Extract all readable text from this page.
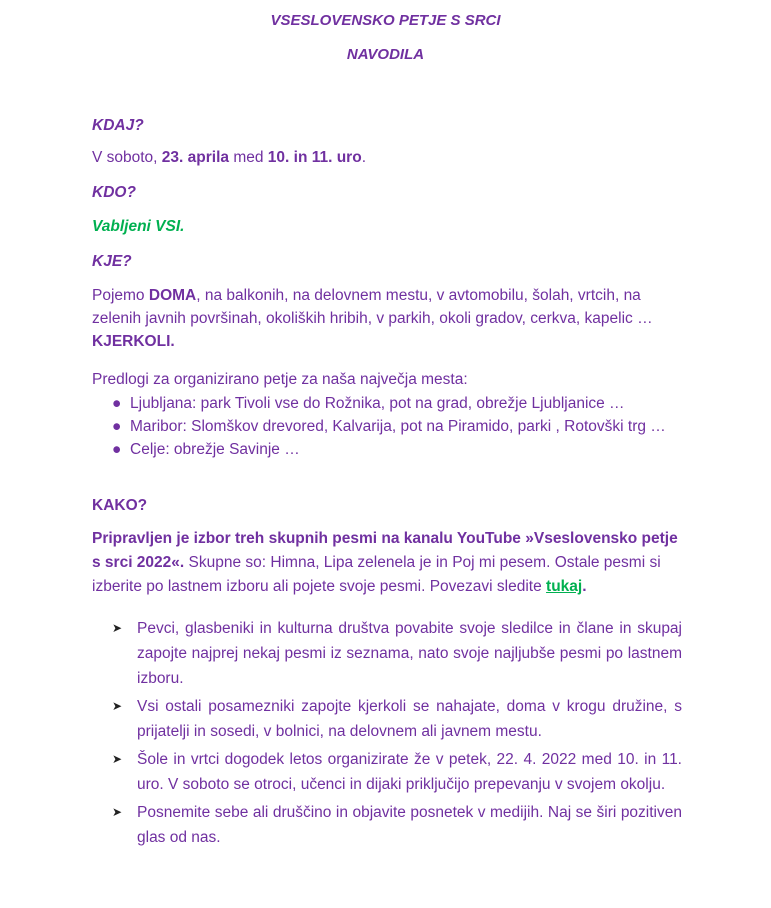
VSESLOVENSKO PETJE S SRCI
NAVODILA
KDAJ?
V soboto, 23. aprila med 10. in 11. uro.
KDO?
Vabljeni VSI.
KJE?
Pojemo DOMA, na balkonih, na delovnem mestu, v avtomobilu, šolah, vrtcih, na zelenih javnih površinah, okoliških hribih, v parkih, okoli gradov, cerkva, kapelic … KJERKOLI.
Predlogi za organizirano petje za naša največja mesta:
● Ljubljana: park Tivoli vse do Rožnika, pot na grad, obrežje Ljubljanice …
● Maribor: Slomškov drevored, Kalvarija, pot na Piramido, parki , Rotovški trg …
● Celje: obrežje Savinje …
KAKO?
Pripravljen je izbor treh skupnih pesmi na kanalu YouTube »Vseslovensko petje s srci 2022«. Skupne so: Himna, Lipa zelenela je in Poj mi pesem. Ostale pesmi si izberite po lastnem izboru ali pojete svoje pesmi. Povezavi sledite tukaj.
➤ Pevci, glasbeniki in kulturna društva povabite svoje sledilce in člane in skupaj zapojte najprej nekaj pesmi iz seznama, nato svoje najljubše pesmi po lastnem izboru.
➤ Vsi ostali posamezniki zapojte kjerkoli se nahajate, doma v krogu družine, s prijatelji in sosedi, v bolnici, na delovnem ali javnem mestu.
➤ Šole in vrtci dogodek letos organizirate že v petek, 22. 4. 2022 med 10. in 11. uro. V soboto se otroci, učenci in dijaki priključijo prepevanju v svojem okolju.
➤ Posnemite sebe ali druščino in objavite posnetek v medijih. Naj se širi pozitiven glas od nas.
